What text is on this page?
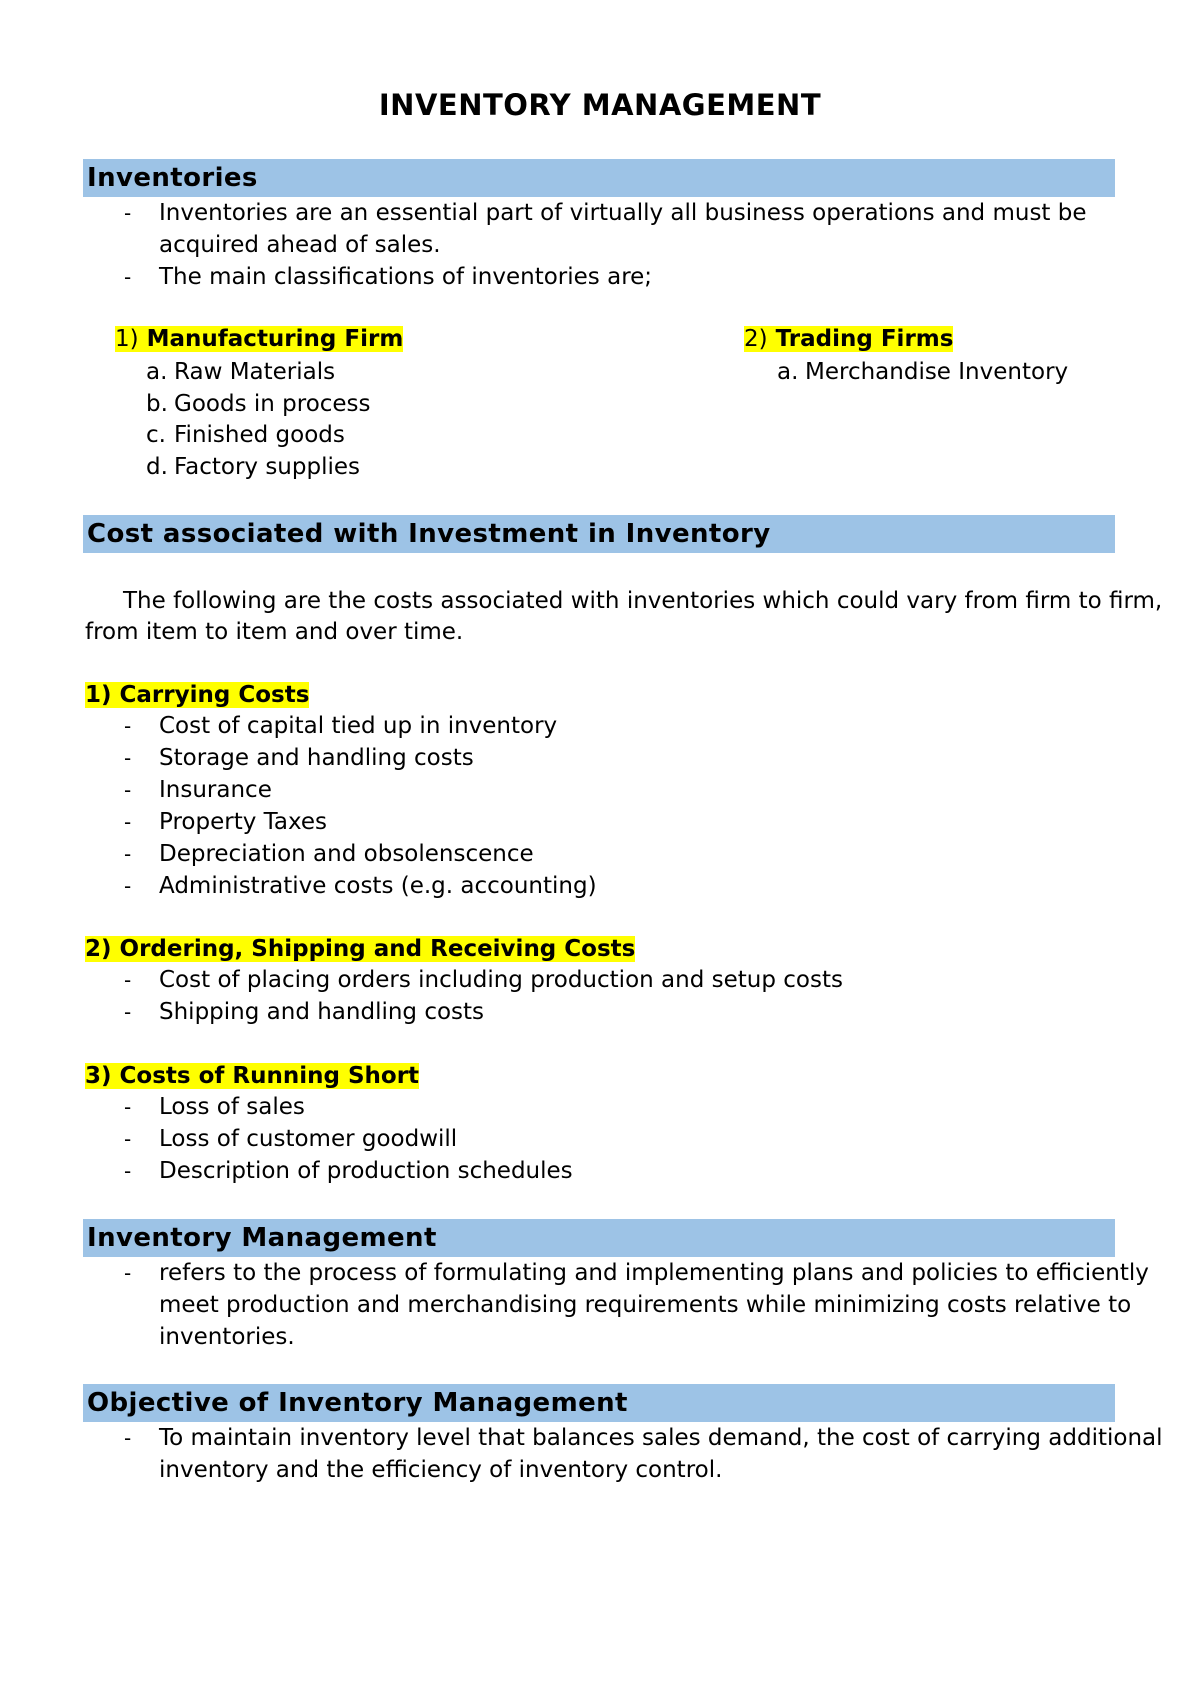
INVENTORY MANAGEMENT
Inventories
- Inventories are an essential part of virtually all business operations and must be
acquired ahead of sales.
- The main classifications of inventories are;
1) Manufacturing Firm
a. Raw Materials
b. Goods in process
c. Finished goods
d. Factory supplies
2) Trading Firms
a. Merchandise Inventory
Cost associated with Investment in Inventory
The following are the costs associated with inventories which could vary from firm to firm,
from item to item and over time.
1) Carrying Costs
- Cost of capital tied up in inventory
- Storage and handling costs
- Insurance
- Property Taxes
- Depreciation and obsolenscence
- Administrative costs (e.g. accounting)
2) Ordering, Shipping and Receiving Costs
- Cost of placing orders including production and setup costs
- Shipping and handling costs
3) Costs of Running Short
- Loss of sales
- Loss of customer goodwill
- Description of production schedules
Inventory Management
- refers to the process of formulating and implementing plans and policies to efficiently
meet production and merchandising requirements while minimizing costs relative to
inventories.
Objective of Inventory Management
- To maintain inventory level that balances sales demand, the cost of carrying additional
inventory and the efficiency of inventory control.
